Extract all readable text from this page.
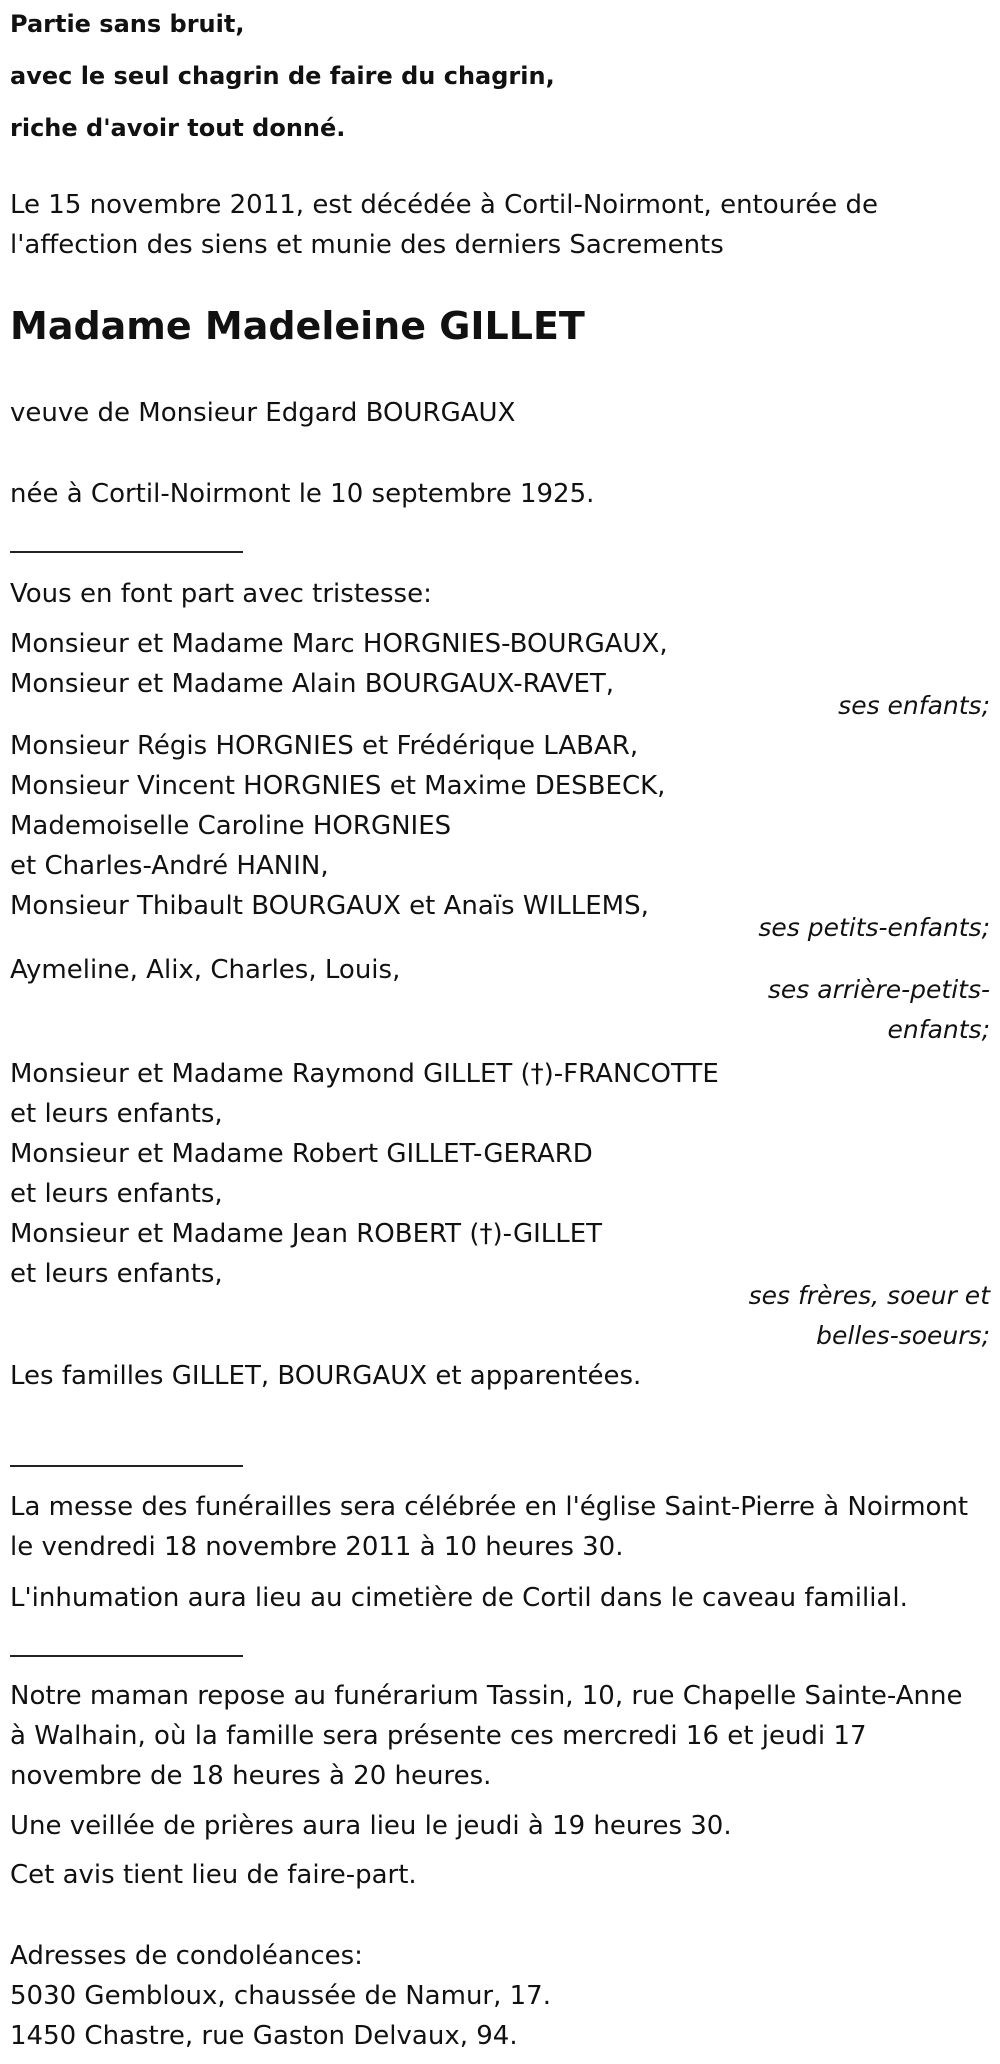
Partie sans bruit,
avec le seul chagrin de faire du chagrin,
riche d'avoir tout donné.
Le 15 novembre 2011, est décédée à Cortil-Noirmont, entourée de
l'affection des siens et munie des derniers Sacrements
Madame Madeleine GILLET
veuve de Monsieur Edgard BOURGAUX
née à Cortil-Noirmont le 10 septembre 1925.
Vous en font part avec tristesse:
Monsieur et Madame Marc HORGNIES-BOURGAUX,
Monsieur et Madame Alain BOURGAUX-RAVET,
ses enfants;
Monsieur Régis HORGNIES et Frédérique LABAR,
Monsieur Vincent HORGNIES et Maxime DESBECK,
Mademoiselle Caroline HORGNIES
et Charles-André HANIN,
Monsieur Thibault BOURGAUX et Anaïs WILLEMS,
ses petits-enfants;
Aymeline, Alix, Charles, Louis,
ses arrière-petits-
enfants;
Monsieur et Madame Raymond GILLET (†)-FRANCOTTE
et leurs enfants,
Monsieur et Madame Robert GILLET-GERARD
et leurs enfants,
Monsieur et Madame Jean ROBERT (†)-GILLET
et leurs enfants,
ses frères, soeur et
belles-soeurs;
Les familles GILLET, BOURGAUX et apparentées.
La messe des funérailles sera célébrée en l'église Saint-Pierre à Noirmont
le vendredi 18 novembre 2011 à 10 heures 30.
L'inhumation aura lieu au cimetière de Cortil dans le caveau familial.
Notre maman repose au funérarium Tassin, 10, rue Chapelle Sainte-Anne
à Walhain, où la famille sera présente ces mercredi 16 et jeudi 17
novembre de 18 heures à 20 heures.
Une veillée de prières aura lieu le jeudi à 19 heures 30.
Cet avis tient lieu de faire-part.
Adresses de condoléances:
5030 Gembloux, chaussée de Namur, 17.
1450 Chastre, rue Gaston Delvaux, 94.
